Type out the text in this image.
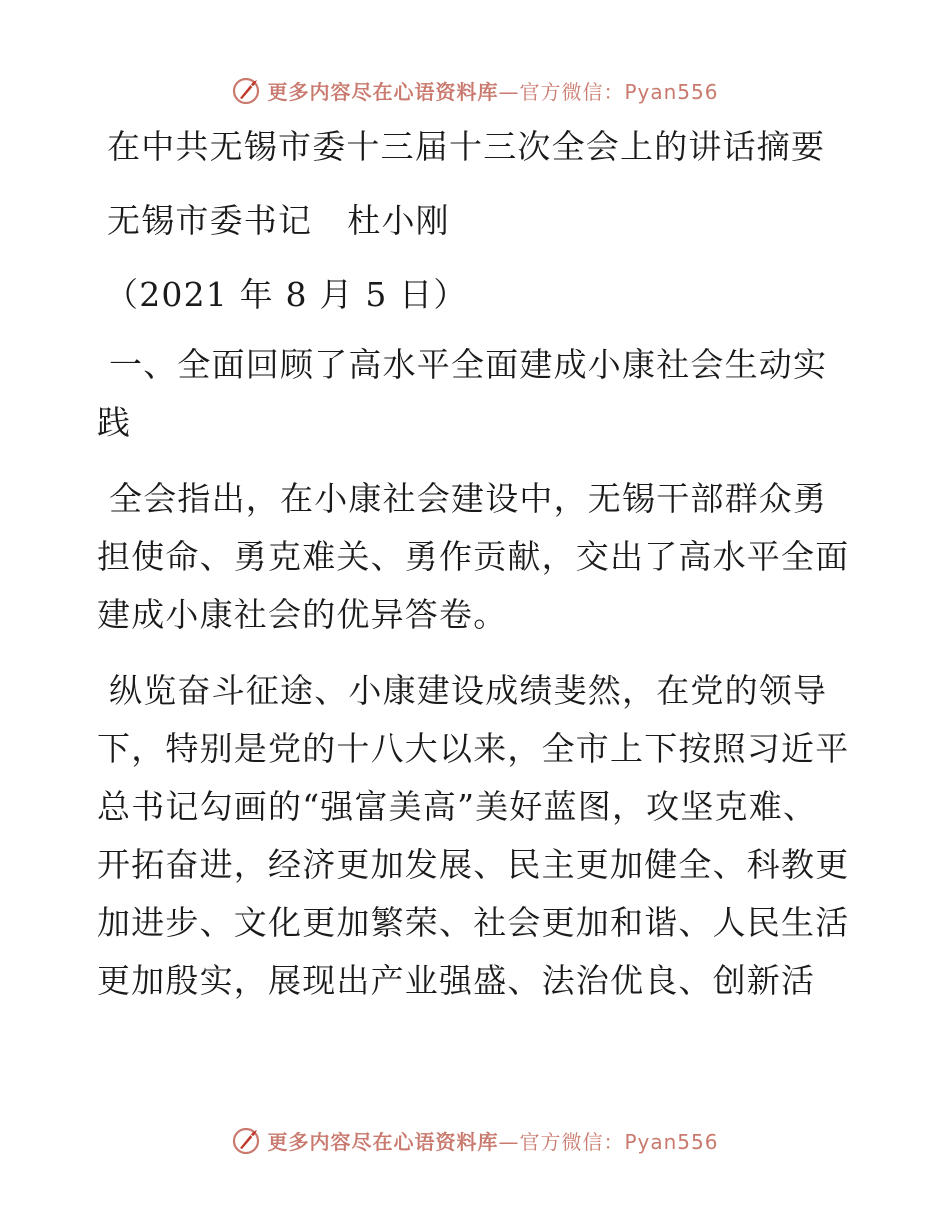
更多内容尽在心语资料库 —官方微信：Pyan556
在中共无锡市委十三届十三次全会上的讲话摘要
无锡市委书记   杜小刚
（2021 年 8 月 5 日）
一、全面回顾了高水平全面建成小康社会生动实
践
全会指出，在小康社会建设中，无锡干部群众勇
担使命、勇克难关、勇作贡献，交出了高水平全面
建成小康社会的优异答卷。
纵览奋斗征途、小康建设成绩斐然，在党的领导
下，特别是党的十八大以来，全市上下按照习近平
总书记勾画的“强富美高”美好蓝图，攻坚克难、
开拓奋进，经济更加发展、民主更加健全、科教更
加进步、文化更加繁荣、社会更加和谐、人民生活
更加殷实，展现出产业强盛、法治优良、创新活
更多内容尽在心语资料库 —官方微信：Pyan556
